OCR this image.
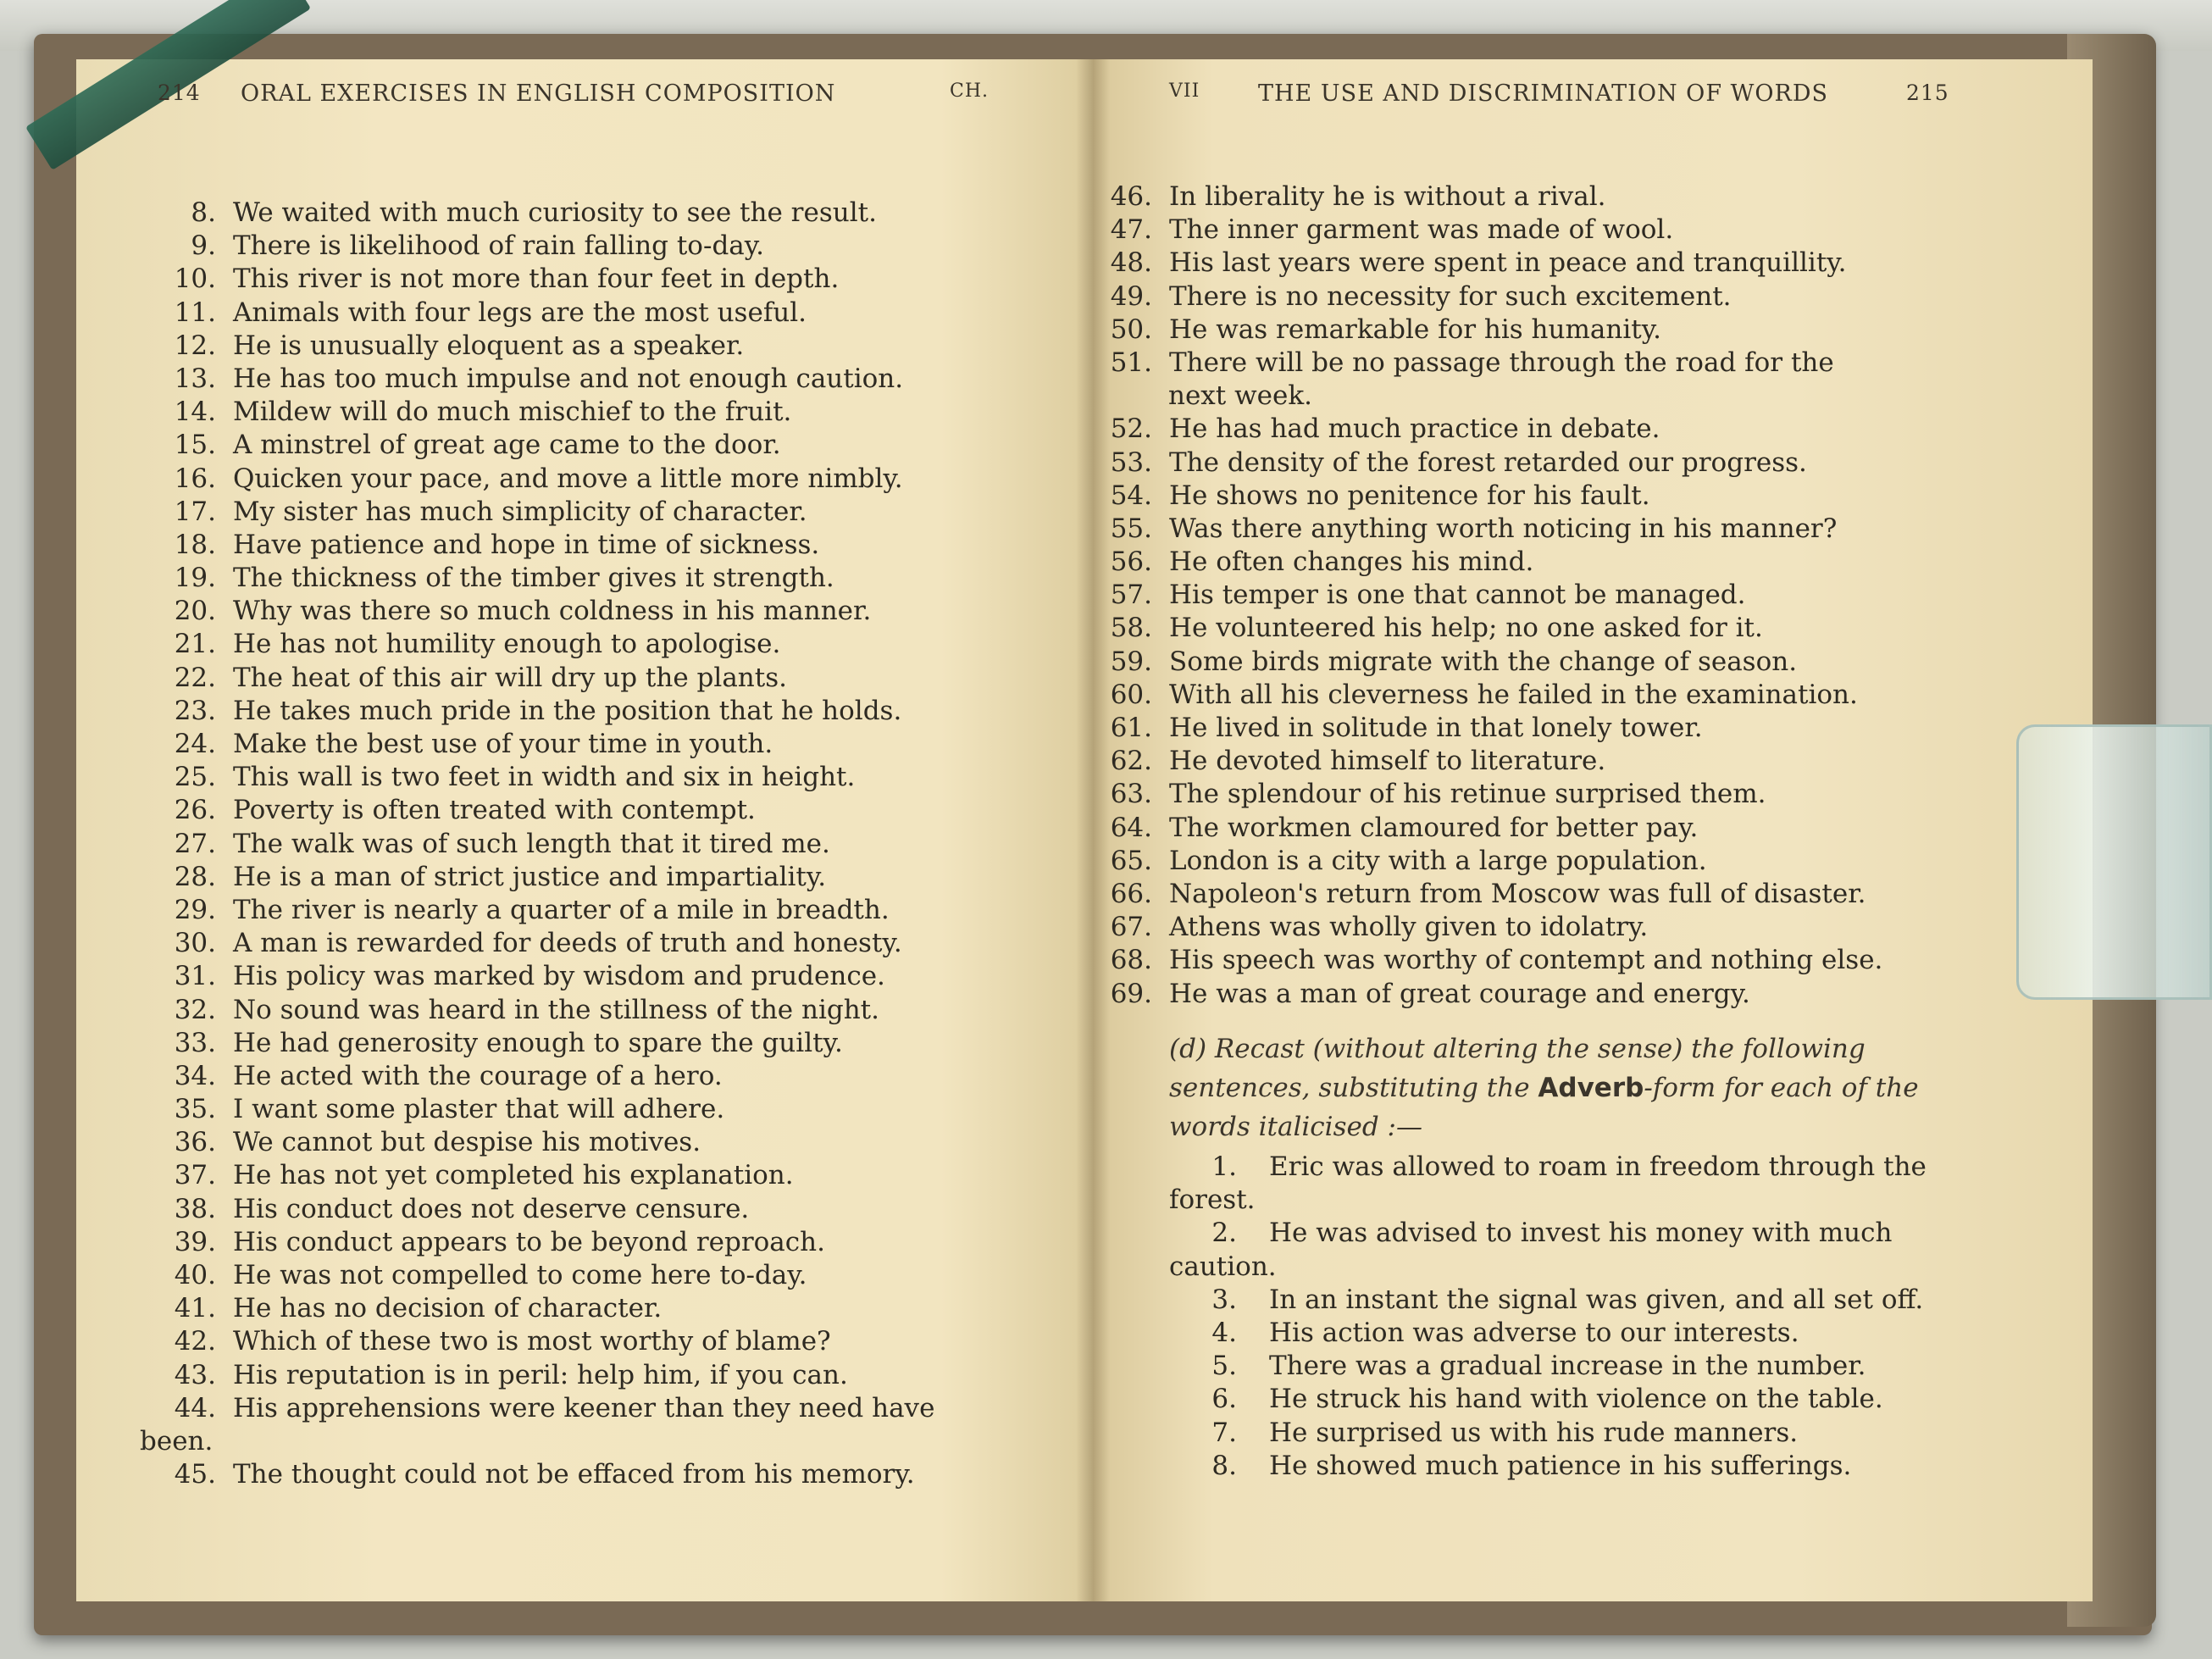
214 ORAL EXERCISES IN ENGLISH COMPOSITION	CH.	VII	THE USE AND DISCRIMINATION OF WORDS	215
8. We waited with much curiosity to see the result.
9. There is likelihood of rain falling to-day.
10. This river is not more than four feet in depth.
11. Animals with four legs are the most useful.
12. He is unusually eloquent as a speaker.
13. He has too much impulse and not enough caution.
14. Mildew will do much mischief to the fruit.
15. A minstrel of great age came to the door.
16. Quicken your pace, and move a little more nimbly.
17. My sister has much simplicity of character.
18. Have patience and hope in time of sickness.
19. The thickness of the timber gives it strength.
20. Why was there so much coldness in his manner.
21. He has not humility enough to apologise.
22. The heat of this air will dry up the plants.
23. He takes much pride in the position that he holds.
24. Make the best use of your time in youth.
25. This wall is two feet in width and six in height.
26. Poverty is often treated with contempt.
27. The walk was of such length that it tired me.
28. He is a man of strict justice and impartiality.
29. The river is nearly a quarter of a mile in breadth.
30. A man is rewarded for deeds of truth and honesty.
31. His policy was marked by wisdom and prudence.
32. No sound was heard in the stillness of the night.
33. He had generosity enough to spare the guilty.
34. He acted with the courage of a hero.
35. I want some plaster that will adhere.
36. We cannot but despise his motives.
37. He has not yet completed his explanation.
38. His conduct does not deserve censure.
39. His conduct appears to be beyond reproach.
40. He was not compelled to come here to-day.
41. He has no decision of character.
42. Which of these two is most worthy of blame?
43. His reputation is in peril: help him, if you can.
44. His apprehensions were keener than they need have
been.
45. The thought could not be effaced from his memory.
46. In liberality he is without a rival.
47. The inner garment was made of wool.
48. His last years were spent in peace and tranquillity.
49. There is no necessity for such excitement.
50. He was remarkable for his humanity.
51. There will be no passage through the road for the
next week.
52. He has had much practice in debate.
53. The density of the forest retarded our progress.
54. He shows no penitence for his fault.
55. Was there anything worth noticing in his manner?
56. He often changes his mind.
57. His temper is one that cannot be managed.
58. He volunteered his help; no one asked for it.
59. Some birds migrate with the change of season.
60. With all his cleverness he failed in the examination.
61. He lived in solitude in that lonely tower.
62. He devoted himself to literature.
63. The splendour of his retinue surprised them.
64. The workmen clamoured for better pay.
65. London is a city with a large population.
66. Napoleon's return from Moscow was full of disaster.
67. Athens was wholly given to idolatry.
68. His speech was worthy of contempt and nothing else.
69. He was a man of great courage and energy.
(d) Recast (without altering the sense) the following
sentences, substituting the Adverb-form for each of the
words italicised :—
1. Eric was allowed to roam in freedom through the
forest.
2. He was advised to invest his money with much
caution.
3. In an instant the signal was given, and all set off.
4. His action was adverse to our interests.
5. There was a gradual increase in the number.
6. He struck his hand with violence on the table.
7. He surprised us with his rude manners.
8. He showed much patience in his sufferings.
